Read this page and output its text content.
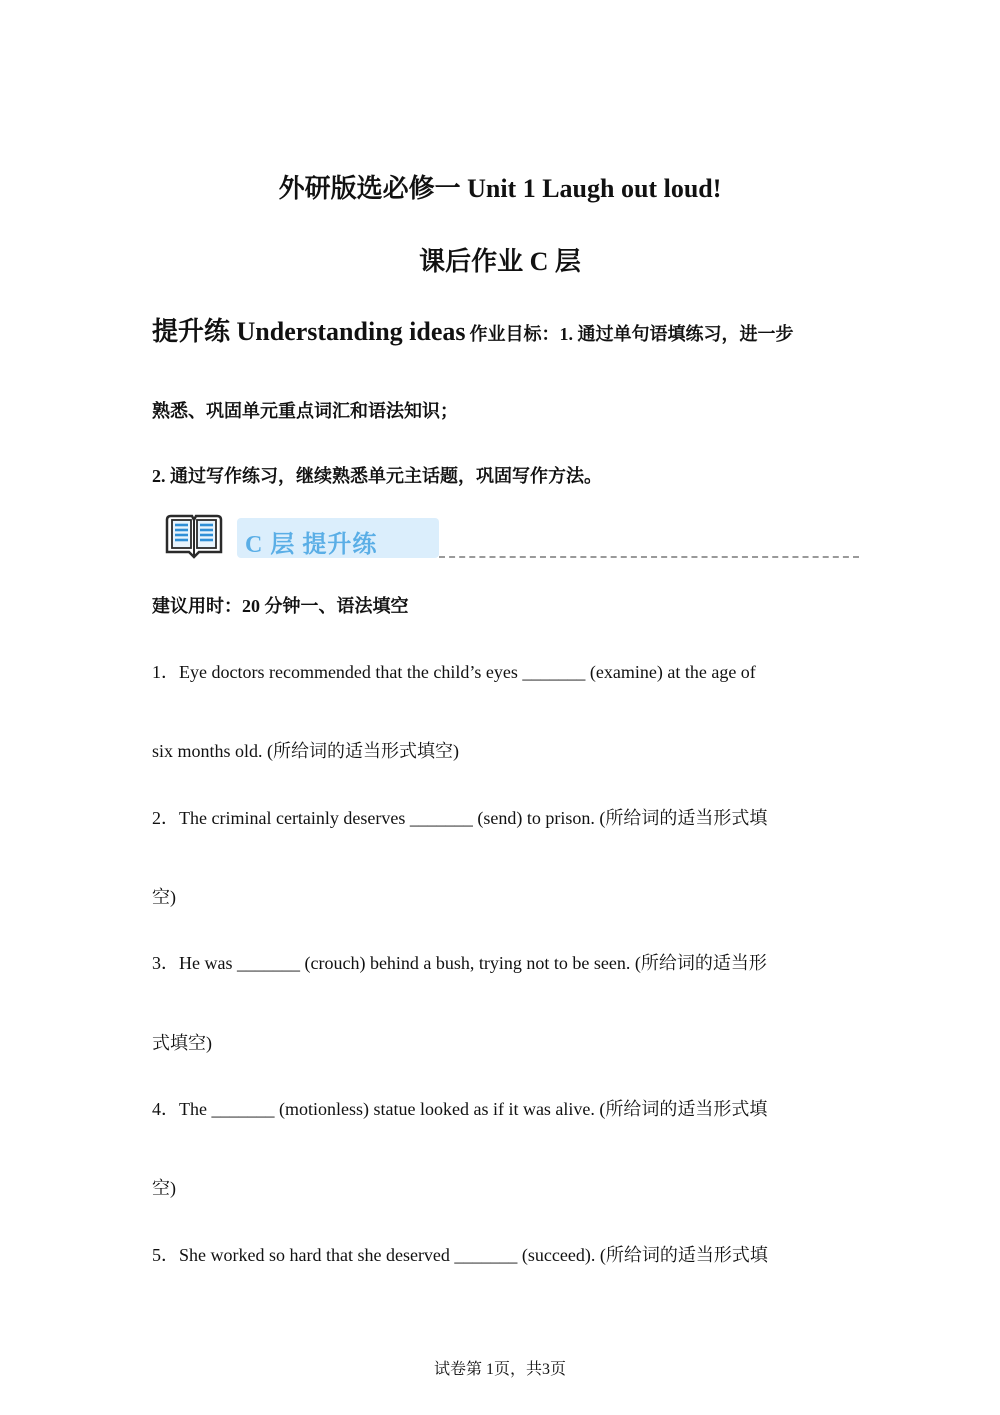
外研版选必修一 Unit 1 Laugh out loud!
课后作业 C 层
提升练 Understanding ideas 作业目标：1. 通过单句语填练习，进一步
熟悉、巩固单元重点词汇和语法知识；
2. 通过写作练习，继续熟悉单元主话题，巩固写作方法。
C 层 提升练
建议用时：20 分钟一、语法填空
1．Eye doctors recommended that the child’s eyes _______ (examine) at the age of
six months old. (所给词的适当形式填空)
2．The criminal certainly deserves _______ (send) to prison. (所给词的适当形式填
空)
3．He was _______ (crouch) behind a bush, trying not to be seen. (所给词的适当形
式填空)
4．The _______ (motionless) statue looked as if it was alive. (所给词的适当形式填
空)
5．She worked so hard that she deserved _______ (succeed). (所给词的适当形式填
试卷第 1页，共3页
